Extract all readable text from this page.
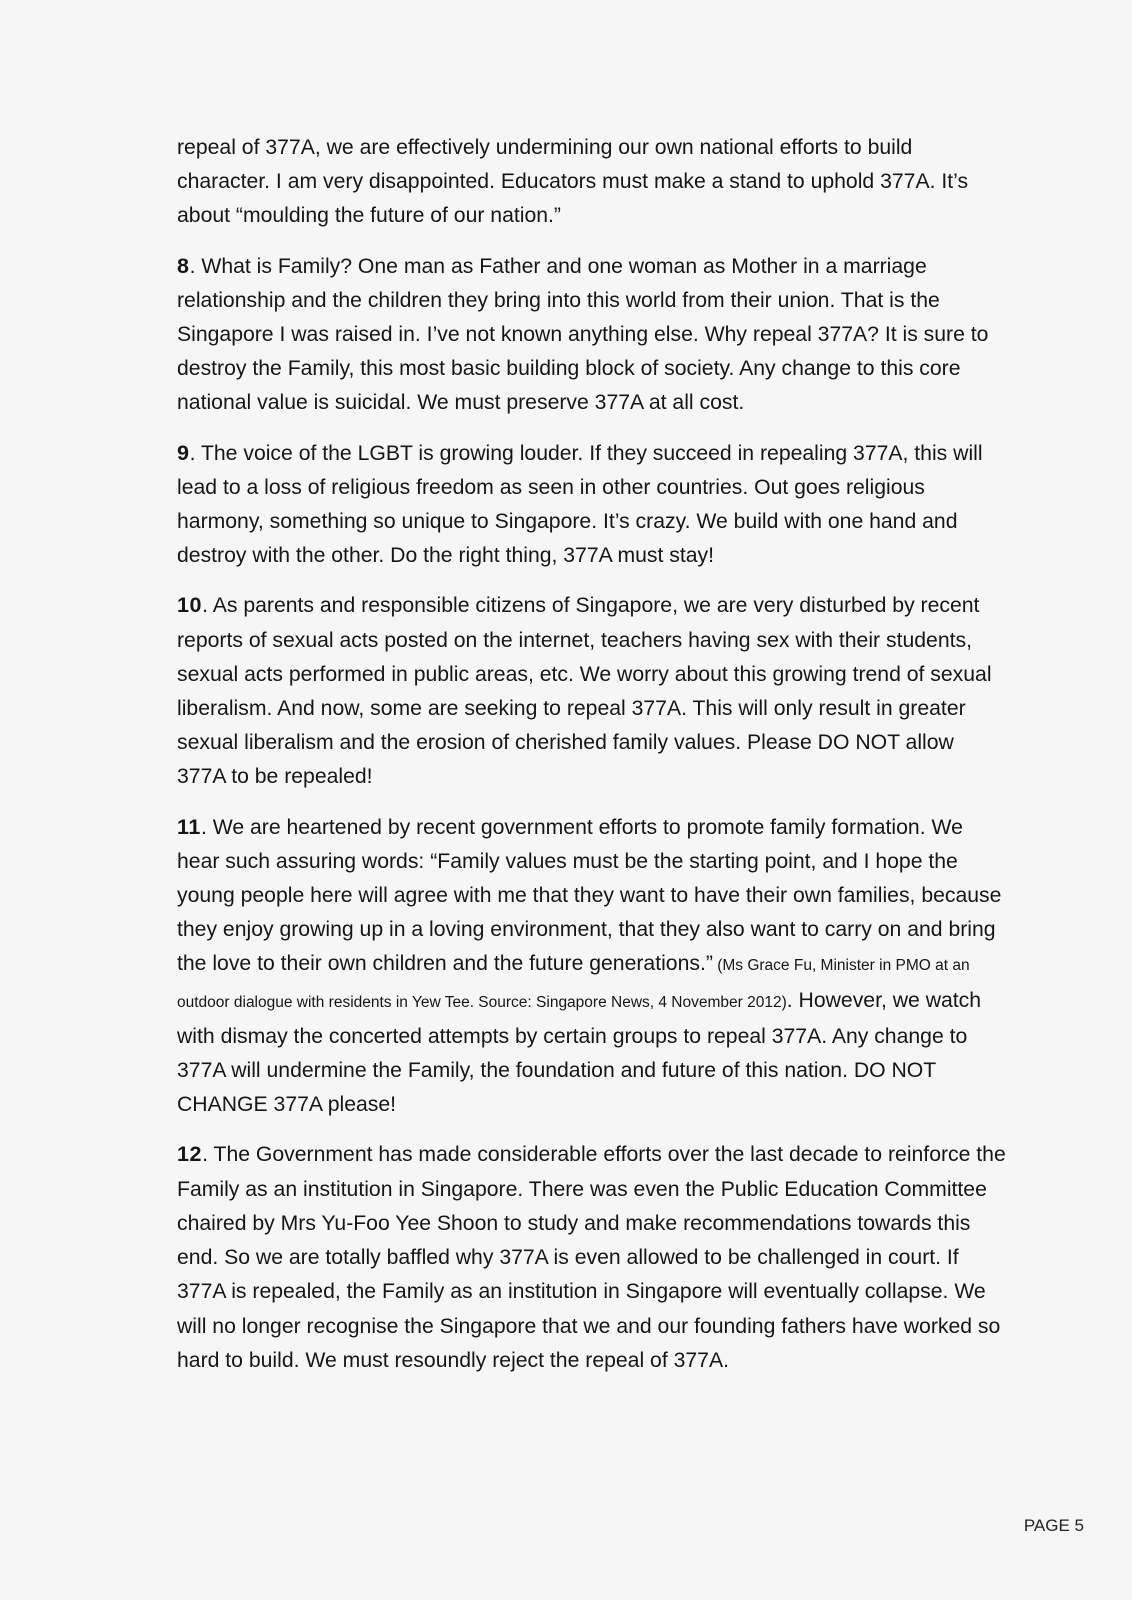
repeal of 377A, we are effectively undermining our own national efforts to build character. I am very disappointed. Educators must make a stand to uphold 377A. It’s about “moulding the future of our nation.”

8. What is Family? One man as Father and one woman as Mother in a marriage relationship and the children they bring into this world from their union. That is the Singapore I was raised in. I’ve not known anything else. Why repeal 377A? It is sure to destroy the Family, this most basic building block of society. Any change to this core national value is suicidal. We must preserve 377A at all cost.

9. The voice of the LGBT is growing louder. If they succeed in repealing 377A, this will lead to a loss of religious freedom as seen in other countries. Out goes religious harmony, something so unique to Singapore. It’s crazy. We build with one hand and destroy with the other. Do the right thing, 377A must stay!

10. As parents and responsible citizens of Singapore, we are very disturbed by recent reports of sexual acts posted on the internet, teachers having sex with their students, sexual acts performed in public areas, etc. We worry about this growing trend of sexual liberalism. And now, some are seeking to repeal 377A. This will only result in greater sexual liberalism and the erosion of cherished family values. Please DO NOT allow 377A to be repealed!

11. We are heartened by recent government efforts to promote family formation. We hear such assuring words: “Family values must be the starting point, and I hope the young people here will agree with me that they want to have their own families, because they enjoy growing up in a loving environment, that they also want to carry on and bring the love to their own children and the future generations.” (Ms Grace Fu, Minister in PMO at an outdoor dialogue with residents in Yew Tee. Source: Singapore News, 4 November 2012). However, we watch with dismay the concerted attempts by certain groups to repeal 377A. Any change to 377A will undermine the Family, the foundation and future of this nation. DO NOT CHANGE 377A please!

12. The Government has made considerable efforts over the last decade to reinforce the Family as an institution in Singapore. There was even the Public Education Committee chaired by Mrs Yu-Foo Yee Shoon to study and make recommendations towards this end. So we are totally baffled why 377A is even allowed to be challenged in court. If 377A is repealed, the Family as an institution in Singapore will eventually collapse. We will no longer recognise the Singapore that we and our founding fathers have worked so hard to build. We must resoundly reject the repeal of 377A.

PAGE 5
